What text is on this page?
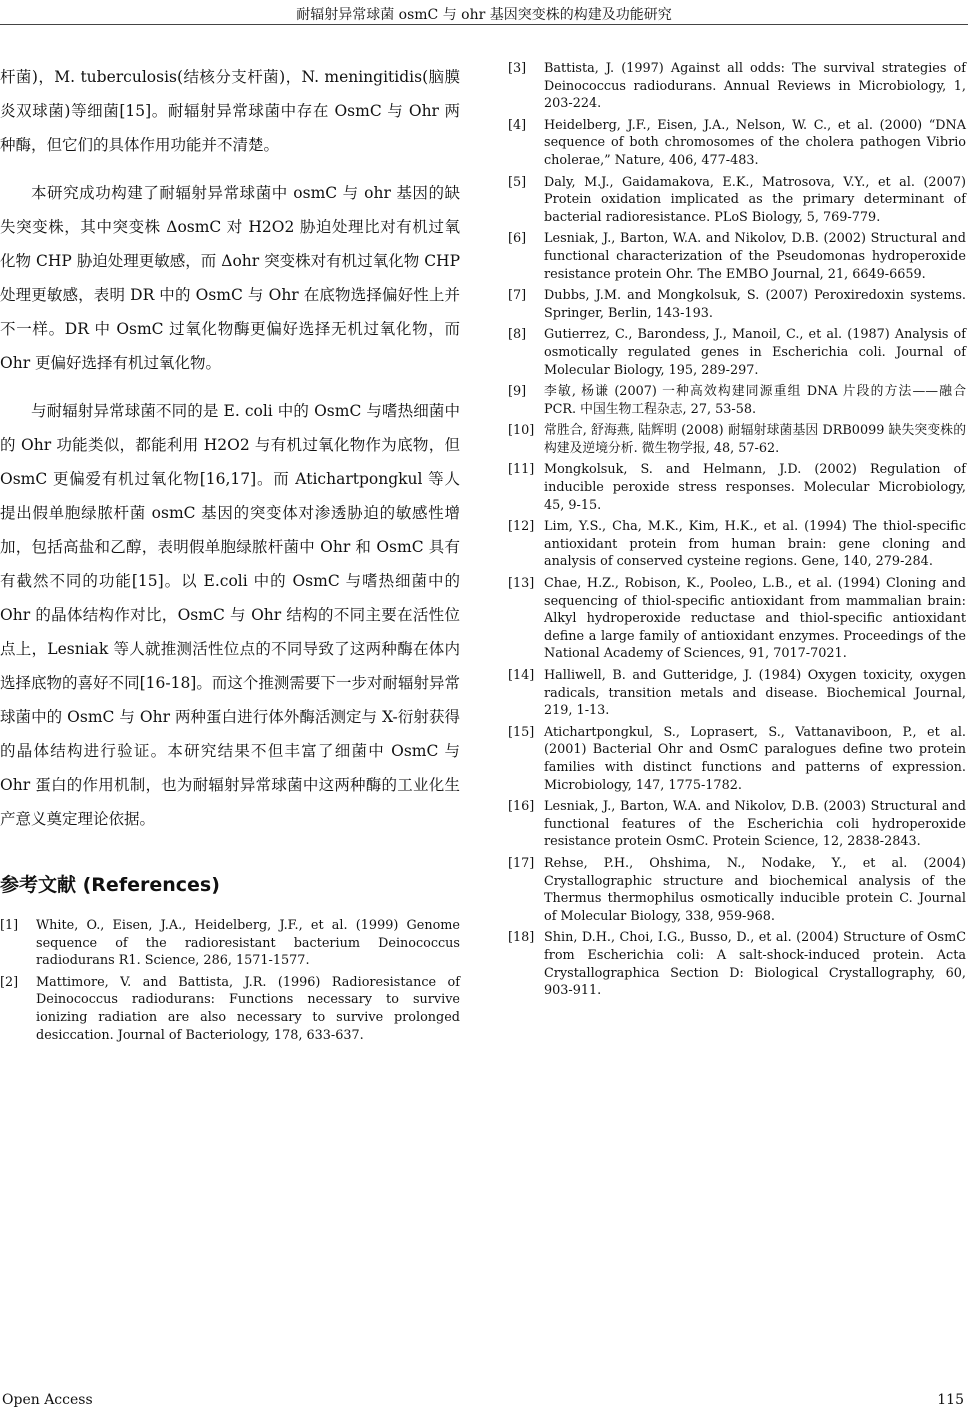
耐辐射异常球菌 osmC 与 ohr 基因突变株的构建及功能研究

杆菌)，M. tuberculosis(结核分支杆菌)，N. meningitidis(脑膜炎双球菌)等细菌[15]。耐辐射异常球菌中存在 OsmC 与 Ohr 两种酶，但它们的具体作用功能并不清楚。

本研究成功构建了耐辐射异常球菌中 osmC 与 ohr 基因的缺失突变株，其中突变株 ΔosmC 对 H2O2 胁迫处理比对有机过氧化物 CHP 胁迫处理更敏感，而 Δohr 突变株对有机过氧化物 CHP 处理更敏感，表明 DR 中的 OsmC 与 Ohr 在底物选择偏好性上并不一样。DR 中 OsmC 过氧化物酶更偏好选择无机过氧化物，而 Ohr 更偏好选择有机过氧化物。

与耐辐射异常球菌不同的是 E. coli 中的 OsmC 与嗜热细菌中的 Ohr 功能类似，都能利用 H2O2 与有机过氧化物作为底物，但 OsmC 更偏爱有机过氧化物[16,17]。而 Atichartpongkul 等人提出假单胞绿脓杆菌 osmC 基因的突变体对渗透胁迫的敏感性增加，包括高盐和乙醇，表明假单胞绿脓杆菌中 Ohr 和 OsmC 具有有截然不同的功能[15]。以 E.coli 中的 OsmC 与嗜热细菌中的 Ohr 的晶体结构作对比，OsmC 与 Ohr 结构的不同主要在活性位点上，Lesniak 等人就推测活性位点的不同导致了这两种酶在体内选择底物的喜好不同[16-18]。而这个推测需要下一步对耐辐射异常球菌中的 OsmC 与 Ohr 两种蛋白进行体外酶活测定与 X-衍射获得的晶体结构进行验证。本研究结果不但丰富了细菌中 OsmC 与 Ohr 蛋白的作用机制，也为耐辐射异常球菌中这两种酶的工业化生产意义奠定理论依据。

参考文献 (References)
[1]	White, O., Eisen, J.A., Heidelberg, J.F., et al. (1999) Genome sequence of the radioresistant bacterium Deinococcus radiodurans R1. Science, 286, 1571-1577.
[2]	Mattimore, V. and Battista, J.R. (1996) Radioresistance of Deinococcus radiodurans: Functions necessary to survive ionizing radiation are also necessary to survive prolonged desiccation. Journal of Bacteriology, 178, 633-637.
[3]	Battista, J. (1997) Against all odds: The survival strategies of Deinococcus radiodurans. Annual Reviews in Microbiology, 1, 203-224.
[4]	Heidelberg, J.F., Eisen, J.A., Nelson, W. C., et al. (2000) “DNA sequence of both chromosomes of the cholera pathogen Vibrio cholerae,” Nature, 406, 477-483.
[5]	Daly, M.J., Gaidamakova, E.K., Matrosova, V.Y., et al. (2007) Protein oxidation implicated as the primary determinant of bacterial radioresistance. PLoS Biology, 5, 769-779.
[6]	Lesniak, J., Barton, W.A. and Nikolov, D.B. (2002) Structural and functional characterization of the Pseudomonas hydroperoxide resistance protein Ohr. The EMBO Journal, 21, 6649-6659.
[7]	Dubbs, J.M. and Mongkolsuk, S. (2007) Peroxiredoxin systems. Springer, Berlin, 143-193.
[8]	Gutierrez, C., Barondess, J., Manoil, C., et al. (1987) Analysis of osmotically regulated genes in Escherichia coli. Journal of Molecular Biology, 195, 289-297.
[9]	李敏, 杨谦 (2007) 一种高效构建同源重组 DNA 片段的方法——融合 PCR. 中国生物工程杂志, 27, 53-58.
[10] 常胜合, 舒海燕, 陆辉明 (2008) 耐辐射球菌基因 DRB0099 缺失突变株的构建及逆境分析. 微生物学报, 48, 57-62.
[11] Mongkolsuk, S. and Helmann, J.D. (2002) Regulation of inducible peroxide stress responses. Molecular Microbiology, 45, 9-15.
[12] Lim, Y.S., Cha, M.K., Kim, H.K., et al. (1994) The thiol-specific antioxidant protein from human brain: gene cloning and analysis of conserved cysteine regions. Gene, 140, 279-284.
[13] Chae, H.Z., Robison, K., Pooleo, L.B., et al. (1994) Cloning and sequencing of thiol-specific antioxidant from mammalian brain: Alkyl hydroperoxide reductase and thiol-specific antioxidant define a large family of antioxidant enzymes. Proceedings of the National Academy of Sciences, 91, 7017-7021.
[14] Halliwell, B. and Gutteridge, J. (1984) Oxygen toxicity, oxygen radicals, transition metals and disease. Biochemical Journal, 219, 1-13.
[15] Atichartpongkul, S., Loprasert, S., Vattanaviboon, P., et al. (2001) Bacterial Ohr and OsmC paralogues define two protein families with distinct functions and patterns of expression. Microbiology, 147, 1775-1782.
[16] Lesniak, J., Barton, W.A. and Nikolov, D.B. (2003) Structural and functional features of the Escherichia coli hydroperoxide resistance protein OsmC. Protein Science, 12, 2838-2843.
[17] Rehse, P.H., Ohshima, N., Nodake, Y., et al. (2004) Crystallographic structure and biochemical analysis of the Thermus thermophilus osmotically inducible protein C. Journal of Molecular Biology, 338, 959-968.
[18] Shin, D.H., Choi, I.G., Busso, D., et al. (2004) Structure of OsmC from Escherichia coli: A salt-shock-induced protein. Acta Crystallographica Section D: Biological Crystallography, 60, 903-911.
Open Access	115
